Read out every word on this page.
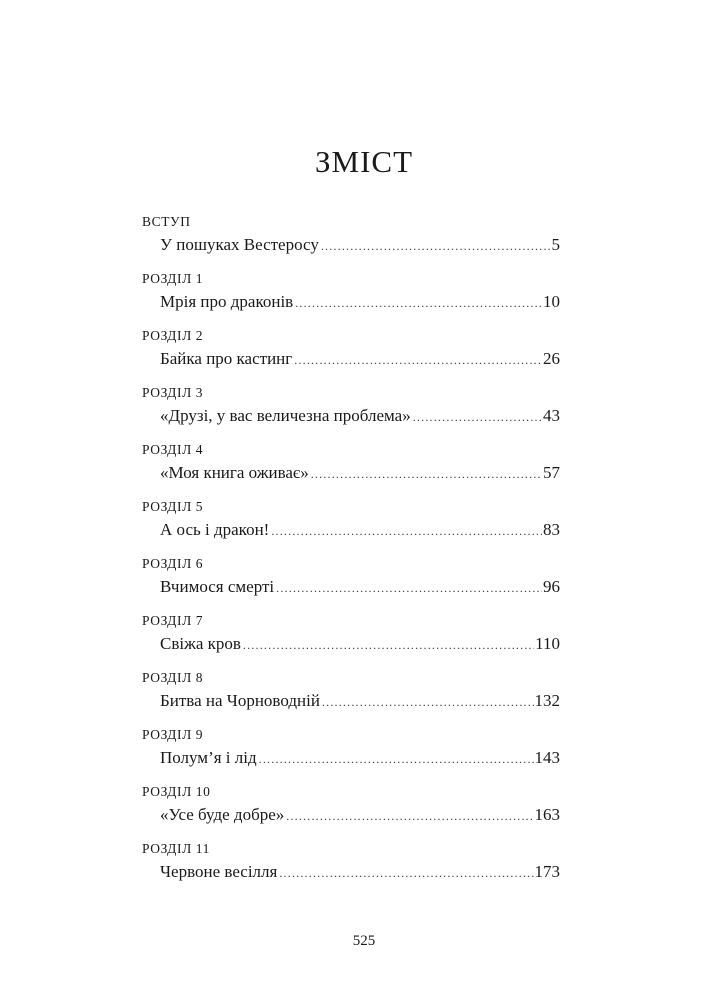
ЗМІСТ
ВСТУП
У пошуках Вестеросу .....	5
РОЗДІЛ 1
Мрія про драконів .....	10
РОЗДІЛ 2
Байка про кастинг .....	26
РОЗДІЛ 3
«Друзі, у вас величезна проблема» .....	43
РОЗДІЛ 4
«Моя книга оживає» .....	57
РОЗДІЛ 5
А ось і дракон! .....	83
РОЗДІЛ 6
Вчимося смерті .....	96
РОЗДІЛ 7
Свіжа кров .....	110
РОЗДІЛ 8
Битва на Чорноводній .....	132
РОЗДІЛ 9
Полум’я і лід .....	143
РОЗДІЛ 10
«Усе буде добре» .....	163
РОЗДІЛ 11
Червоне весілля .....	173
525
